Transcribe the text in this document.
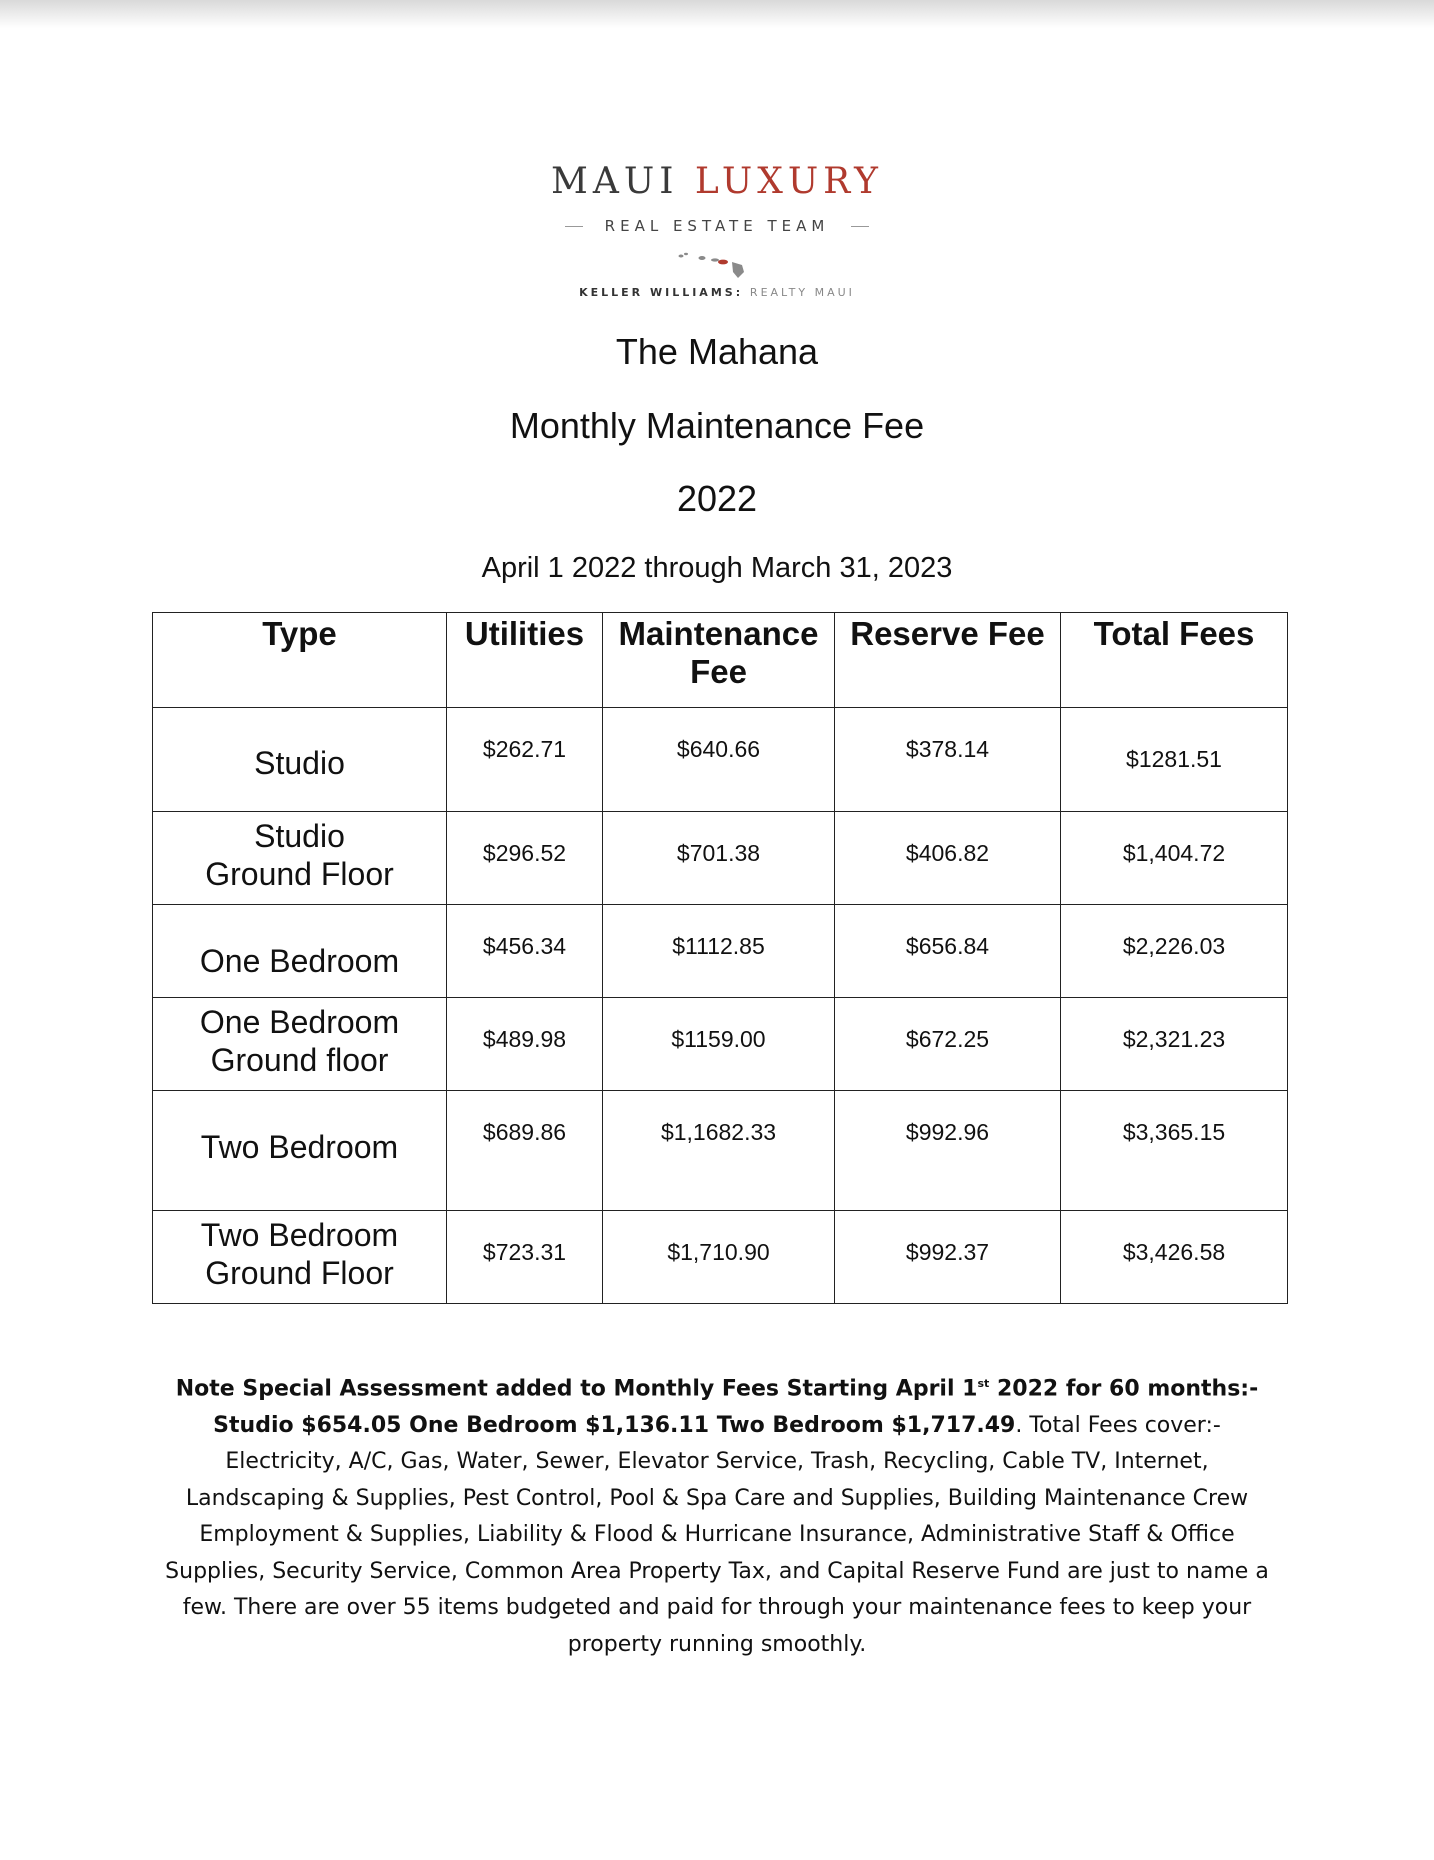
MAUI LUXURY
REAL ESTATE TEAM
KELLER WILLIAMS: REALTY MAUI
The Mahana
Monthly Maintenance Fee
2022
April 1 2022 through March 31, 2023
Type	Utilities	Maintenance Fee	Reserve Fee	Total Fees

Studio	$262.71	$640.66	$378.14	$1281.51

Studio
Ground Floor	$296.52	$701.38	$406.82	$1,404.72

One Bedroom	$456.34	$1112.85	$656.84	$2,226.03

One Bedroom
Ground floor	$489.98	$1159.00	$672.25	$2,321.23

Two Bedroom	$689.86	$1,1682.33	$992.96	$3,365.15

Two Bedroom
Ground Floor	$723.31	$1,710.90	$992.37	$3,426.58
Note Special Assessment added to Monthly Fees Starting April 1st 2022 for 60 months:- Studio $654.05 One Bedroom $1,136.11 Two Bedroom $1,717.49. Total Fees cover:-Electricity, A/C, Gas, Water, Sewer, Elevator Service, Trash, Recycling, Cable TV, Internet, Landscaping & Supplies, Pest Control, Pool & Spa Care and Supplies, Building Maintenance Crew Employment & Supplies, Liability & Flood & Hurricane Insurance, Administrative Staff & Office Supplies, Security Service, Common Area Property Tax, and Capital Reserve Fund are just to name a few. There are over 55 items budgeted and paid for through your maintenance fees to keep your property running smoothly.
